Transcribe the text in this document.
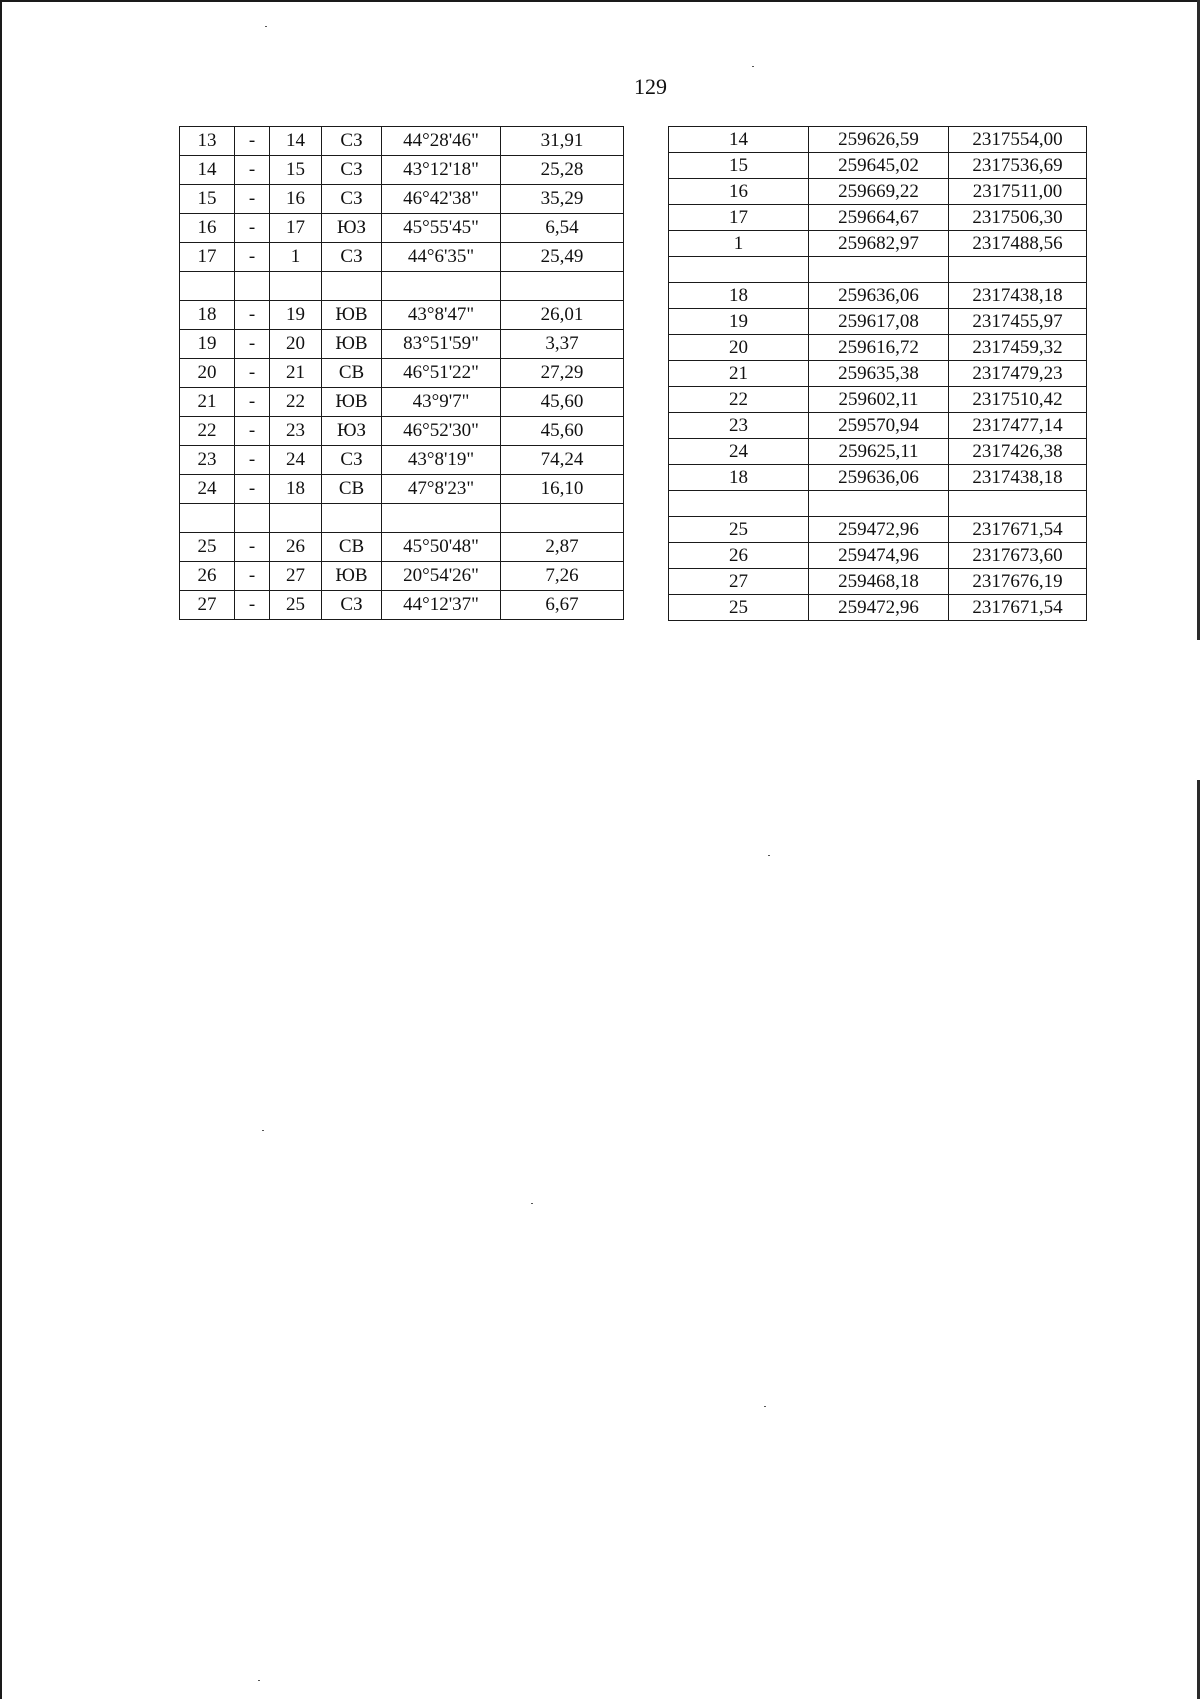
129
13	-	14	СЗ	44°28'46"	31,91
14	-	15	СЗ	43°12'18"	25,28
15	-	16	СЗ	46°42'38"	35,29
16	-	17	ЮЗ	45°55'45"	6,54
17	-	1	СЗ	44°6'35"	25,49

18	-	19	ЮВ	43°8'47"	26,01
19	-	20	ЮВ	83°51'59"	3,37
20	-	21	СВ	46°51'22"	27,29
21	-	22	ЮВ	43°9'7"	45,60
22	-	23	ЮЗ	46°52'30"	45,60
23	-	24	СЗ	43°8'19"	74,24
24	-	18	СВ	47°8'23"	16,10

25	-	26	СВ	45°50'48"	2,87
26	-	27	ЮВ	20°54'26"	7,26
27	-	25	СЗ	44°12'37"	6,67
14	259626,59	2317554,00
15	259645,02	2317536,69
16	259669,22	2317511,00
17	259664,67	2317506,30
1	259682,97	2317488,56

18	259636,06	2317438,18
19	259617,08	2317455,97
20	259616,72	2317459,32
21	259635,38	2317479,23
22	259602,11	2317510,42
23	259570,94	2317477,14
24	259625,11	2317426,38
18	259636,06	2317438,18

25	259472,96	2317671,54
26	259474,96	2317673,60
27	259468,18	2317676,19
25	259472,96	2317671,54
